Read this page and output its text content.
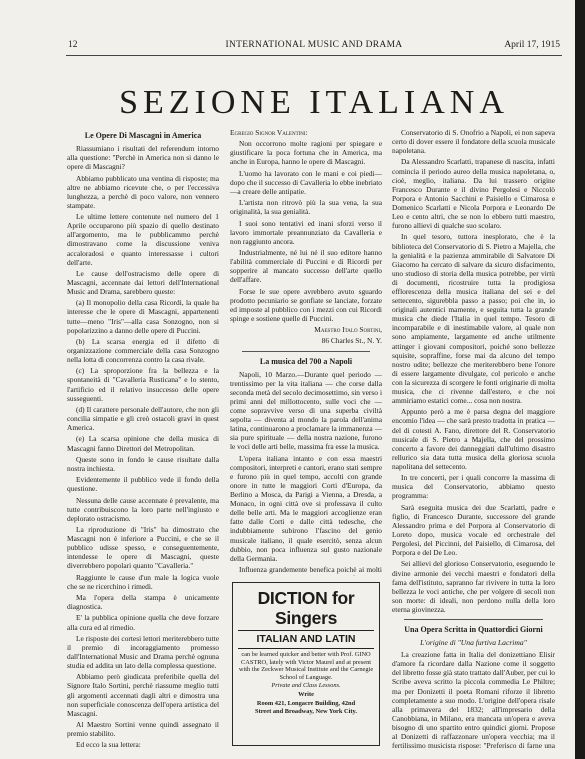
12	INTERNATIONAL MUSIC AND DRAMA	April 17, 1915
SEZIONE ITALIANA
Le Opere Di Mascagni in America

Riassumiano i risultati del referendum intorno alla questione: "Perchè in America non si danno le opere di Mascagni?

Abbiamo pubblicato una ventina di risposte; ma altre ne abbiamo ricevute che, o per l'eccessiva lunghezza, a perchè di poco valore, non vennero stampate.

Le ultime lettere contenute nel numero del 1 Aprile occuparono più spazio di quello destinato all'argomento, ma le pubblicammo perchè dimostravano come la discussione veniva accaloradosi e quanto interessasse i cultori dell'arte.

Le cause dell'ostracismo delle opere di Mascagni, accennate dai lettori dell'International Music and Drama, sarebbero queste:

(a) Il monopolio della casa Ricordi, la quale ha interesse che le opere di Mascagni, appartenenti tutte—meno "Iris"—alla casa Sonzogno, non si popolarizzino a danno delle opere di Puccini.

(b) La scarsa energia ed il difetto di organizzazione commerciale della casa Sonzogno nella lotta di concorrenza contro la casa rivale.

(c) La sproporzione fra la bellezza e la spontaneità di "Cavalleria Rusticana" e lo stento, l'artificio ed il relativo insuccesso delle opere susseguenti.

(d) Il carattere personale dell'autore, che non gli concilia simpatie e gli creò ostacoli gravi in quest America.

(e) La scarsa opinione che della musica di Mascagni fanno Direttori del Metropolitan.

Queste sono in fondo le cause risultate dalla nostra inchiesta.

Evidentemente il pubblico vede il fondo della questione.

Nessuna delle cause accennate è prevalente, ma tutte contribuiscono la loro parte nell'ingiusto e deplorato ostracismo.

La riproduzione di "Iris" ha dimostrato che Mascagni non è inferiore a Puccini, e che se il pubblico udisse spesso, e conseguentemente, intendesse le opere di Mascagni, queste diverrebbero popolari quanto "Cavalleria."

Raggiunte le cause d'un male la logica vuole che se ne ricerchino i rimedi.

Ma l'opera della stampa è unicamente diagnostica.

E' la pubblica opinione quella che deve forzare alla cura ed al rimedio.

Le risposte dei cortesi lettori meriterebbero tutte il premio di incoraggiamento promesso dall'International Music and Drama perchè ognuna studia ed addita un lato della complessa questione.

Abbiamo però giudicata preferibile quella del Signore Italo Sortini, perchè riassume meglio tutti gli argomenti accennati dagli altri e dimostra una non superficiale conoscenza dell'opera artistica del Mascagni.

Al Maestro Sortini venne quindi assegnato il premio stabilito.

Ed ecco la sua lettera:

Egregio Signor Valentini:

Non occorrono molte ragioni per spiegare e giustificare la poca fortuna che in America, ma anche in Europa, hanno le opere di Mascagni.

L'uomo ha lavorato con le mani e coi piedi—dopo che il successo di Cavalleria lo ebbe inebriato—a creare delle antipatie.

L'artista non ritrovò più la sua vena, la sua originalità, la sua genialità.

I suoi sono tentativi ed inani sforzi verso il lavoro immortale preannunziato da Cavalleria e non raggiunto ancora.

Industrialmente, né lui né il suo editore hanno l'abilità commerciale di Puccini e di Ricordi per sopperire al mancato successo dell'arte quello dell'affare.

Forse le sue opere avrebbero avuto sguardo prodotto pecuniario se gonfiate se lanciate, forzate ed imposte al pubblico con i mezzi con cui Ricordi spinge e sostiene quelle di Puccini.

Maestro Italo Sortini,

86 Charles St., N. Y.

La musica del 700 a Napoli

Napoli, 10 Marzo.—Durante quel periodo — trentissimo per la vita italiana — che corse dalla seconda metà del secolo decimosettimo, sin verso i primi anni del millottocento, sulle voci che — come sopravvive verso di una superba civiltà sepolta — diventa al mondo la parola dell'anima latina, continuarono a proclamare la immanenza — sia pure spirituale — della nostra nazione, furono le voci delle arti belle, massima fra esse la musica.

L'opera italiana intanto e con essa maestri compositori, interpreti e cantori, erano stati sempre e furono più in quel tempo, accolti con grande onore in tutte le maggiori Corti d'Europa, da Berlino a Mosca, da Parigi a Vienna, a Dresda, a Monaco, in ogni città ove si professava il culto delle belle arti. Ma le maggiori accoglienze eran fatte dalle Corti e dalle città tedesche, che indubbiamente subirono l'fascino del genio musicale italiano, il quale esercitò, senza alcun dubbio, non poca influenza sul gusto nazionale della Germania.

Influenza grandemente benefica poichè ai molti

DICTION for Singers
ITALIAN AND LATIN

can be learned quicker and better with Prof. GINO CASTRO, lately with Victor Maurel and at present with the Zeckwer Musical Institute and the Carnegie School of Language.

Private and Class Lessons.

Write

Room 421, Longacre Building, 42nd

Street and Broadway, New York City.

Conservatorio di S. Onofrio a Napoli, ei non sapeva certo di dover essere il fondatore della scuola musicale napoletana.

Da Alessandro Scarlatti, trapanese di nascita, infatti comincia il periodo aureo della musica napoletana, o, cioè, meglio, italiana. Da lui trassero origine Francesco Durante e il divino Pergolesi e Niccolò Porpora e Antonio Sacchini e Paisiello e Cimarosa e Domenico Scarlatti e Nicola Porpora e Leonardo De Leo e cento altri, che se non lo ebbero tutti maestro, furono allievi di qualche suo scolaro.

In quel tesoro, tuttora inesplorato, che è la biblioteca del Conservatorio di S. Pietro a Majella, che la genialità e la pazienza ammirabile di Salvatore Di Giacomo ha cercato di salvare da sicuro disfacimento, uno studioso di storia della musica potrebbe, per virtù di documenti, ricostruire tutta la prodigiosa efflorescenza della musica italiana del sei e del settecento, sigurebbla passo a passo; poi che in, io originali autentici mamente, e seguita tutta la grande musica che diede l'Italia in quel tempo. Tesoro di incomparabile e di inestimabile valore, al quale non sono ampiamente, largamente ed anche utilmente attinger i giovani compositori, poiché sono bellezze squisite, sopraffine, forse mai da alcuno del tempo nostro udite; bellezze che meriterebbero bene l'onore di essere largamente divulgate, col pericolo e anche con la sicurezza di scorgere le fonti originarie di molta musica, che ci rivenne dall'estero, e che noi ammiriamo estatici come... cosa non nostra.

Appunto però a me è parsa degna del maggiore encomio l'idea — che sarà presto tradotta in pratica — del di cotesti A. Fano, direttore del R. Conservatorio musicale di S. Pietro a Majella, che del prossimo concerto a favore dei danneggiati dall'ultimo disastro rellurico sia data tutta musica della gloriosa scuola napolitana del settecento.

In tre concerti, per i quali concorre la massima di musica del Conservatorio, abbiamo questo programma:

Sarà eseguita musica dei due Scarlatti, padre e figlio, di Francesco Durante, successore del grande Alessandro prima e del Porpora al Conservatorio di Loreto dopo, musica vocale ed orchestrale del Pergolesi, del Piccinni, del Paisiello, di Cimarosa, del Porpora e del De Leo.

Sei allievi del glorioso Conservatorio, eseguendo le divine armonie dei vecchi maestri e fondatori della fama dell'istituto, sapranno far rivivere in tutta la loro bellezza le voci antiche, che per volgere di secoli non son morte: di ideali, non perdono nulla della loro eterna giovinezza.

Una Opera Scritta in Quattordici Giorni
L'origine di "Una furtiva Lacrima"

La creazione fatta in Italia del donizettiano Elisir d'amore fa ricordare dalla Nazione come il soggetto del libretto fosse già stato trattato dall'Auber, per cui lo Scribe aveva scritto la piccola commedia Le Philtre; ma per Donizetti il poeta Romani riforze il libretto completamente a suo modo. L'origine dell'opera risale alla primavera del 1832; all'impresario della Canobbiana, in Milano, era mancata un'opera e aveva bisogno di uno spartito entro quindici giorni. Propose al Donizetti di raffazzonare un'opera vecchia; ma il fertilissimo musicista rispose: "Preferisco di farne una
